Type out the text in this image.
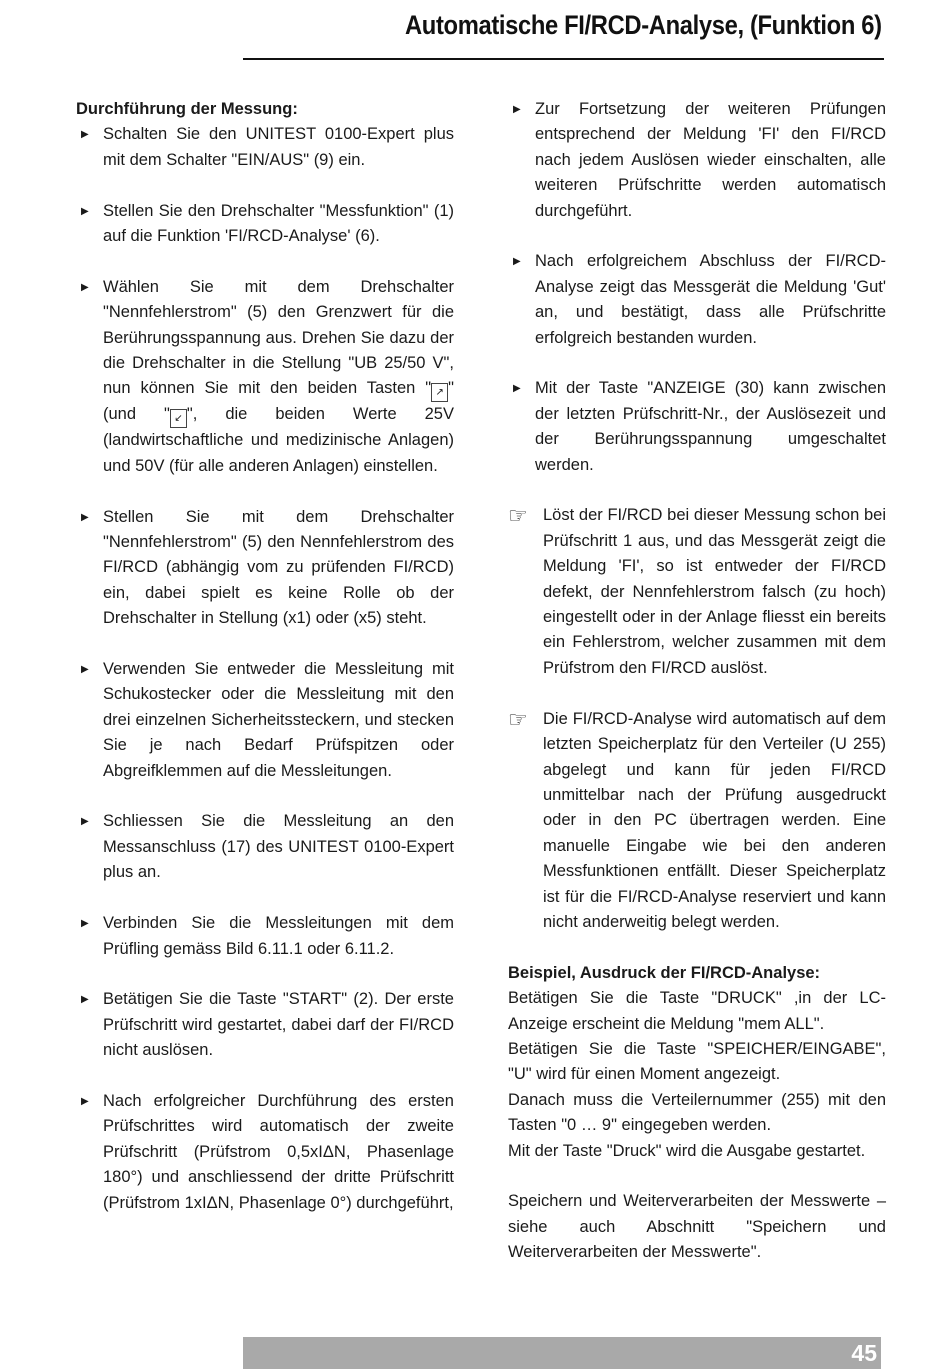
Automatische FI/RCD-Analyse, (Funktion 6)

Durchführung der Messung:

▶ Schalten Sie den UNITEST 0100-Expert plus mit dem Schalter "EIN/AUS" (9) ein.

▶ Stellen Sie den Drehschalter "Messfunktion" (1) auf die Funktion 'FI/RCD-Analyse' (6).

▶ Wählen Sie mit dem Drehschalter "Nennfehlerstrom" (5) den Grenzwert für die Berührungsspannung aus. Drehen Sie dazu der die Drehschalter in die Stellung "UB 25/50 V", nun können Sie mit den beiden Tasten " ↗ " (und " ↙ ", die beiden Werte 25V (landwirtschaftliche und medizinische Anlagen) und 50V (für alle anderen Anlagen) einstellen.

▶ Stellen Sie mit dem Drehschalter "Nennfehlerstrom" (5) den Nennfehlerstrom des FI/RCD (abhängig vom zu prüfenden FI/RCD) ein, dabei spielt es keine Rolle ob der Drehschalter in Stellung (x1) oder (x5) steht.

▶ Verwenden Sie entweder die Messleitung mit Schukostecker oder die Messleitung mit den drei einzelnen Sicherheitssteckern, und stecken Sie je nach Bedarf Prüfspitzen oder Abgreifklemmen auf die Messleitungen.

▶ Schliessen Sie die Messleitung an den Messanschluss (17) des UNITEST 0100-Expert plus an.

▶ Verbinden Sie die Messleitungen mit dem Prüfling gemäss Bild 6.11.1 oder 6.11.2.

▶ Betätigen Sie die Taste "START" (2). Der erste Prüfschritt wird gestartet, dabei darf der FI/RCD nicht auslösen.

▶ Nach erfolgreicher Durchführung des ersten Prüfschrittes wird automatisch der zweite Prüfschritt (Prüfstrom 0,5xIΔN, Phasenlage 180°) und anschliessend der dritte Prüfschritt (Prüfstrom 1xIΔN, Phasenlage 0°) durchgeführt,

▶ Zur Fortsetzung der weiteren Prüfungen entsprechend der Meldung 'FI' den FI/RCD nach jedem Auslösen wieder einschalten, alle weiteren Prüfschritte werden automatisch durchgeführt.

▶ Nach erfolgreichem Abschluss der FI/RCD-Analyse zeigt das Messgerät die Meldung 'Gut' an, und bestätigt, dass alle Prüfschritte erfolgreich bestanden wurden.

▶ Mit der Taste "ANZEIGE (30) kann zwischen der letzten Prüfschritt-Nr., der Auslösezeit und der Berührungsspannung umgeschaltet werden.

☞ Löst der FI/RCD bei dieser Messung schon bei Prüfschritt 1 aus, und das Messgerät zeigt die Meldung 'FI', so ist entweder der FI/RCD defekt, der Nennfehlerstrom falsch (zu hoch) eingestellt oder in der Anlage fliesst ein bereits ein Fehlerstrom, welcher zusammen mit dem Prüfstrom den FI/RCD auslöst.

☞ Die FI/RCD-Analyse wird automatisch auf dem letzten Speicherplatz für den Verteiler (U 255) abgelegt und kann für jeden FI/RCD unmittelbar nach der Prüfung ausgedruckt oder in den PC übertragen werden. Eine manuelle Eingabe wie bei den anderen Messfunktionen entfällt. Dieser Speicherplatz ist für die FI/RCD-Analyse reserviert und kann nicht anderweitig belegt werden.

Beispiel, Ausdruck der FI/RCD-Analyse:

Betätigen Sie die Taste "DRUCK" ,in der LC-Anzeige erscheint die Meldung "mem ALL".

Betätigen Sie die Taste "SPEICHER/EINGABE", "U" wird für einen Moment angezeigt.

Danach muss die Verteilernummer (255) mit den Tasten "0 … 9" eingegeben werden.

Mit der Taste "Druck" wird die Ausgabe gestartet.

Speichern und Weiterverarbeiten der Messwerte – siehe auch Abschnitt "Speichern und Weiterverarbeiten der Messwerte".

45
